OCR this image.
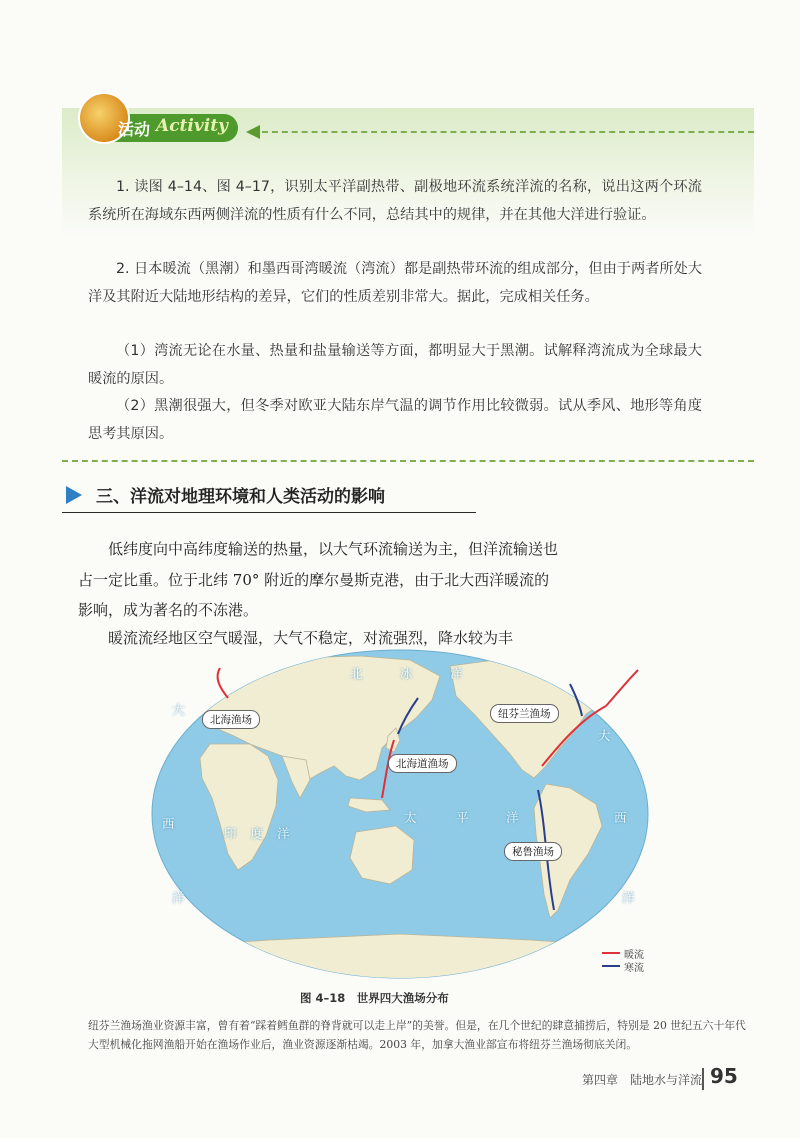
活动 Activity
1. 读图 4–14、图 4–17，识别太平洋副热带、副极地环流系统洋流的名称，说出这两个环流系统所在海域东西两侧洋流的性质有什么不同，总结其中的规律，并在其他大洋进行验证。
2. 日本暖流（黑潮）和墨西哥湾暖流（湾流）都是副热带环流的组成部分，但由于两者所处大洋及其附近大陆地形结构的差异，它们的性质差别非常大。据此，完成相关任务。
（1）湾流无论在水量、热量和盐量输送等方面，都明显大于黑潮。试解释湾流成为全球最大暖流的原因。
（2）黑潮很强大，但冬季对欧亚大陆东岸气温的调节作用比较微弱。试从季风、地形等角度思考其原因。
三、洋流对地理环境和人类活动的影响
低纬度向中高纬度输送的热量，以大气环流输送为主，但洋流输送也占一定比重。位于北纬 70° 附近的摩尔曼斯克港，由于北大西洋暖流的影响，成为著名的不冻港。
暖流流经地区空气暖湿，大气不稳定，对流强烈，降水较为丰
暖流
寒流
北海渔场
北海道渔场
纽芬兰渔场
秘鲁渔场
北	冰	洋
太	平	洋
印度洋
大
西
洋
大
西
洋
图 4–18　世界四大渔场分布
纽芬兰渔场渔业资源丰富，曾有着“踩着鳕鱼群的脊背就可以走上岸”的美誉。但是，在几个世纪的肆意捕捞后，特别是 20 世纪五六十年代大型机械化拖网渔船开始在渔场作业后，渔业资源逐渐枯竭。2003 年，加拿大渔业部宣布将纽芬兰渔场彻底关闭。
第四章　陆地水与洋流 95
